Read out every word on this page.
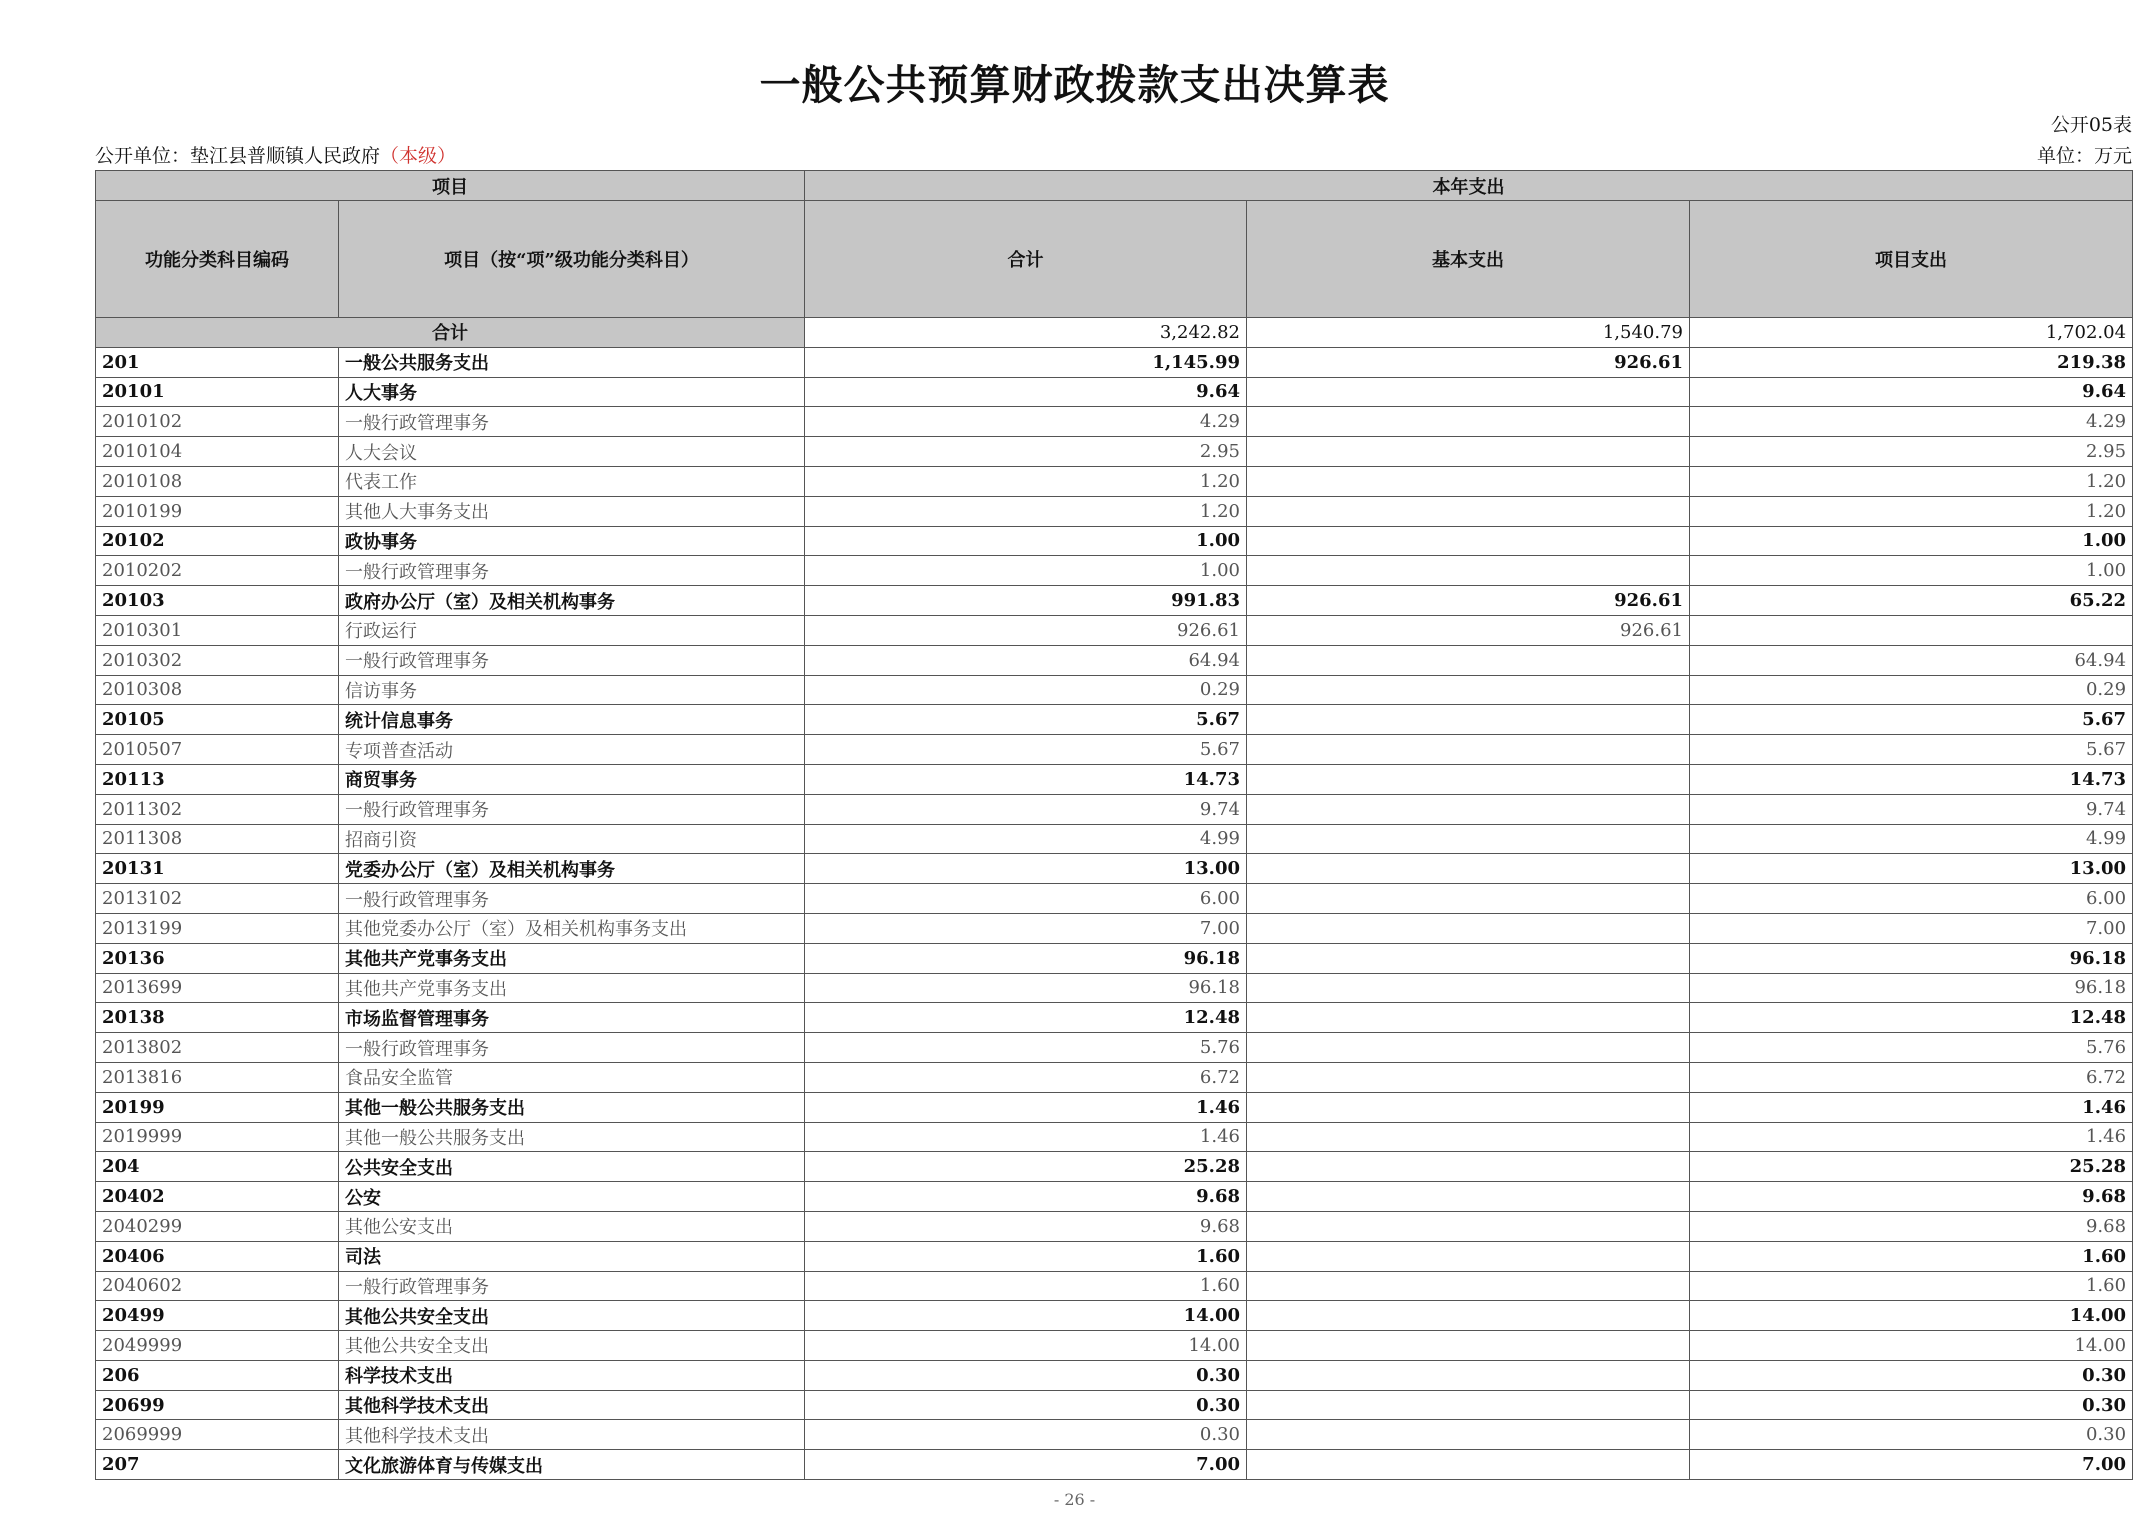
一般公共预算财政拨款支出决算表
公开05表
公开单位：垫江县普顺镇人民政府（本级）	单位：万元
项目		本年支出		
功能分类科目编码	项目（按“项”级功能分类科目）	合计	基本支出	项目支出
合计		3,242.82	1,540.79	1,702.04
201	一般公共服务支出	1,145.99	926.61	219.38
20101	人大事务	9.64		9.64
2010102	一般行政管理事务	4.29		4.29
2010104	人大会议	2.95		2.95
2010108	代表工作	1.20		1.20
2010199	其他人大事务支出	1.20		1.20
20102	政协事务	1.00		1.00
2010202	一般行政管理事务	1.00		1.00
20103	政府办公厅（室）及相关机构事务	991.83	926.61	65.22
2010301	行政运行	926.61	926.61	
2010302	一般行政管理事务	64.94		64.94
2010308	信访事务	0.29		0.29
20105	统计信息事务	5.67		5.67
2010507	专项普查活动	5.67		5.67
20113	商贸事务	14.73		14.73
2011302	一般行政管理事务	9.74		9.74
2011308	招商引资	4.99		4.99
20131	党委办公厅（室）及相关机构事务	13.00		13.00
2013102	一般行政管理事务	6.00		6.00
2013199	其他党委办公厅（室）及相关机构事务支出	7.00		7.00
20136	其他共产党事务支出	96.18		96.18
2013699	其他共产党事务支出	96.18		96.18
20138	市场监督管理事务	12.48		12.48
2013802	一般行政管理事务	5.76		5.76
2013816	食品安全监管	6.72		6.72
20199	其他一般公共服务支出	1.46		1.46
2019999	其他一般公共服务支出	1.46		1.46
204	公共安全支出	25.28		25.28
20402	公安	9.68		9.68
2040299	其他公安支出	9.68		9.68
20406	司法	1.60		1.60
2040602	一般行政管理事务	1.60		1.60
20499	其他公共安全支出	14.00		14.00
2049999	其他公共安全支出	14.00		14.00
206	科学技术支出	0.30		0.30
20699	其他科学技术支出	0.30		0.30
2069999	其他科学技术支出	0.30		0.30
207	文化旅游体育与传媒支出	7.00		7.00
- 26 -
